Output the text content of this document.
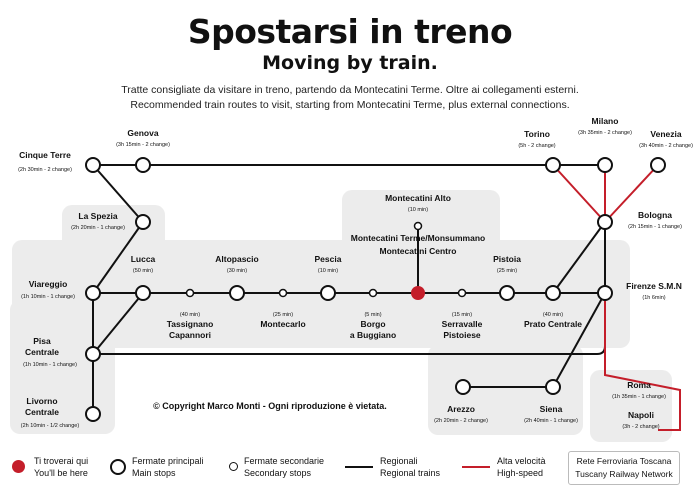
Spostarsi in treno
Moving by train.
Tratte consigliate da visitare in treno, partendo da Montecatini Terme. Oltre ai collegamenti esterni.
Recommended train routes to visit, starting from Montecatini Terme, plus external connections.
Cinque Terre
(2h 30min - 2 change)
Genova
(3h 15min - 2 change)
Torino
(5h - 2 change)
Milano
(3h 35min - 2 change) Venezia
(3h 40min - 2 change)
La Spezia
(2h 20min - 1 change)
Bologna
(2h 15min - 1 change)
Montecatini Alto
(10 min)
Montecatini Terme/Monsummano
Montecatini Centro
Viareggio
(1h 10min - 1 change)
Lucca
(50 min)
Tassignano
Capannori
(40 min)
Altopascio
(30 min)
Montecarlo
(25 min)
Pescia
(10 min)
Borgo
a Buggiano
(5 min)
Serravalle
Pistoiese
(15 min)
Pistoia
(25 min)
Prato Centrale
(40 min)
Firenze S.M.N
(1h 6min)
Pisa
Centrale
(1h 10min - 1 change)
Livorno
Centrale
(2h 10min - 1/2 change)
Arezzo
(2h 20min - 2 change)
Siena
(2h 40min - 1 change)
Roma
(1h 35min - 1 change)
Napoli
(3h - 2 change)
© Copyright Marco Monti - Ogni riproduzione è vietata.
Ti troverai qui
You'll be here
Fermate principali
Main stops
Fermate secondarie
Secondary stops
Regionali
Regional trains
Alta velocità
High-speed
Rete Ferroviaria Toscana
Tuscany Railway Network
